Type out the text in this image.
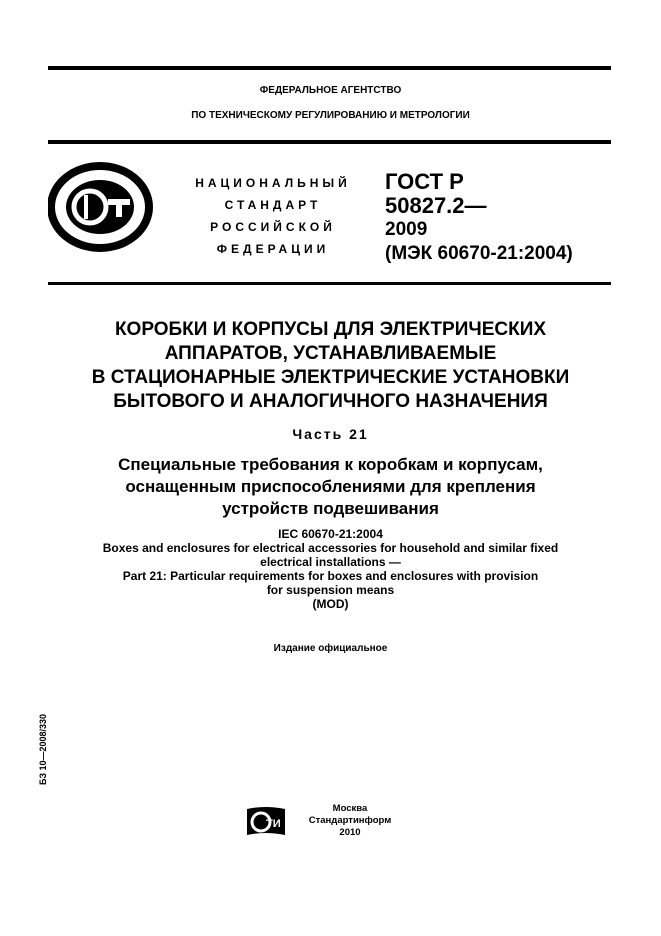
ФЕДЕРАЛЬНОЕ АГЕНТСТВО
ПО ТЕХНИЧЕСКОМУ РЕГУЛИРОВАНИЮ И МЕТРОЛОГИИ
НАЦИОНАЛЬНЫЙ
СТАНДАРТ
РОССИЙСКОЙ
ФЕДЕРАЦИИ
ГОСТ Р
50827.2—
2009
(МЭК 60670-21:2004)
КОРОБКИ И КОРПУСЫ ДЛЯ ЭЛЕКТРИЧЕСКИХ
АППАРАТОВ, УСТАНАВЛИВАЕМЫЕ
В СТАЦИОНАРНЫЕ ЭЛЕКТРИЧЕСКИЕ УСТАНОВКИ
БЫТОВОГО И АНАЛОГИЧНОГО НАЗНАЧЕНИЯ
Часть 21
Специальные требования к коробкам и корпусам,
оснащенным приспособлениями для крепления
устройств подвешивания
IEC 60670-21:2004
Boxes and enclosures for electrical accessories for household and similar fixed
electrical installations —
Part 21: Particular requirements for boxes and enclosures with provision
for suspension means
(MOD)
Издание официальное
БЗ 10—2008/330
ТИ
Москва
Стандартинформ
2010
